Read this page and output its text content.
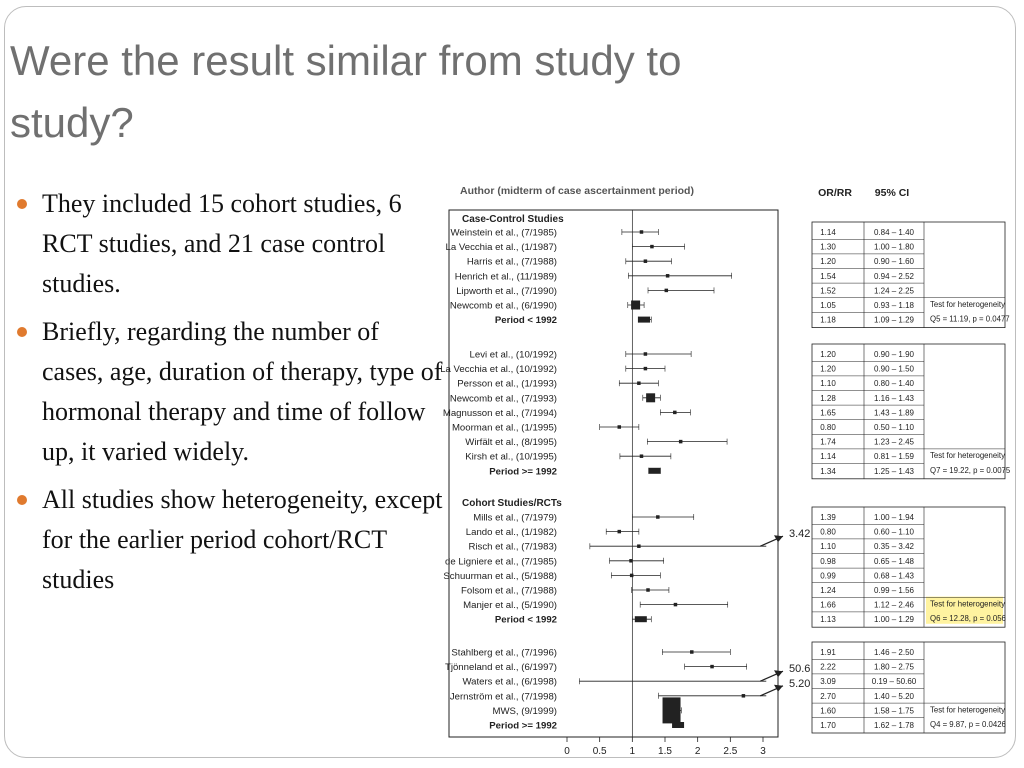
Were the result similar from study to
study?
They included 15 cohort studies, 6 RCT studies, and 21 case control studies.
Briefly, regarding the number of cases, age, duration of therapy, type of hormonal therapy and time of follow up, it varied widely.
All studies show heterogeneity, except for the earlier period cohort/RCT studies
Author (midterm of case ascertainment period)	OR/RR 95% CI
0 0.5 1 1.5 2 2.5 3
Case-Control Studies
Weinstein et al., (7/1985)	1.14	0.84 – 1.40
La Vecchia et al., (1/1987)	1.30	1.00 – 1.80
Harris et al., (7/1988)	1.20	0.90 – 1.60
Henrich et al., (11/1989)	1.54	0.94 – 2.52
Lipworth et al., (7/1990)	1.52	1.24 – 2.25
Newcomb et al., (6/1990)	1.05	0.93 – 1.18
Period < 1992	1.18	1.09 – 1.29
Test for heterogeneity
Q5 = 11.19, p = 0.0477
Levi et al., (10/1992)	1.20	0.90 – 1.90
La Vecchia et al., (10/1992)	1.20	0.90 – 1.50
Persson et al., (1/1993)	1.10	0.80 – 1.40
Newcomb et al., (7/1993)	1.28	1.16 – 1.43
Magnusson et al., (7/1994)	1.65	1.43 – 1.89
Moorman et al., (1/1995)	0.80	0.50 – 1.10
Wirfält et al., (8/1995)	1.74	1.23 – 2.45
Kirsh et al., (10/1995)	1.14	0.81 – 1.59
Period >= 1992	1.34	1.25 – 1.43
Test for heterogeneity
Q7 = 19.22, p = 0.0075
Cohort Studies/RCTs
Mills et al., (7/1979)	1.39	1.00 – 1.94
Lando et al., (1/1982)	0.80	0.60 – 1.10
Risch et al., (7/1983)	1.10	0.35 – 3.42
3.42
de Ligniere et al., (7/1985)	0.98	0.65 – 1.48
Schuurman et al., (5/1988)	0.99	0.68 – 1.43
Folsom et al., (7/1988)	1.24	0.99 – 1.56
Manjer et al., (5/1990)	1.66	1.12 – 2.46
Period < 1992	1.13	1.00 – 1.29
Test for heterogeneity
Q6 = 12.28, p = 0.056
Stahlberg et al., (7/1996)	1.91	1.46 – 2.50
Tjönneland et al., (6/1997)	2.22	1.80 – 2.75
Waters et al., (6/1998)	3.09	0.19 – 50.60
50.6
Jernström et al., (7/1998)	2.70	1.40 – 5.20
5.20
MWS, (9/1999)	1.60	1.58 – 1.75
Period >= 1992	1.70	1.62 – 1.78
Test for heterogeneity
Q4 = 9.87, p = 0.0426
